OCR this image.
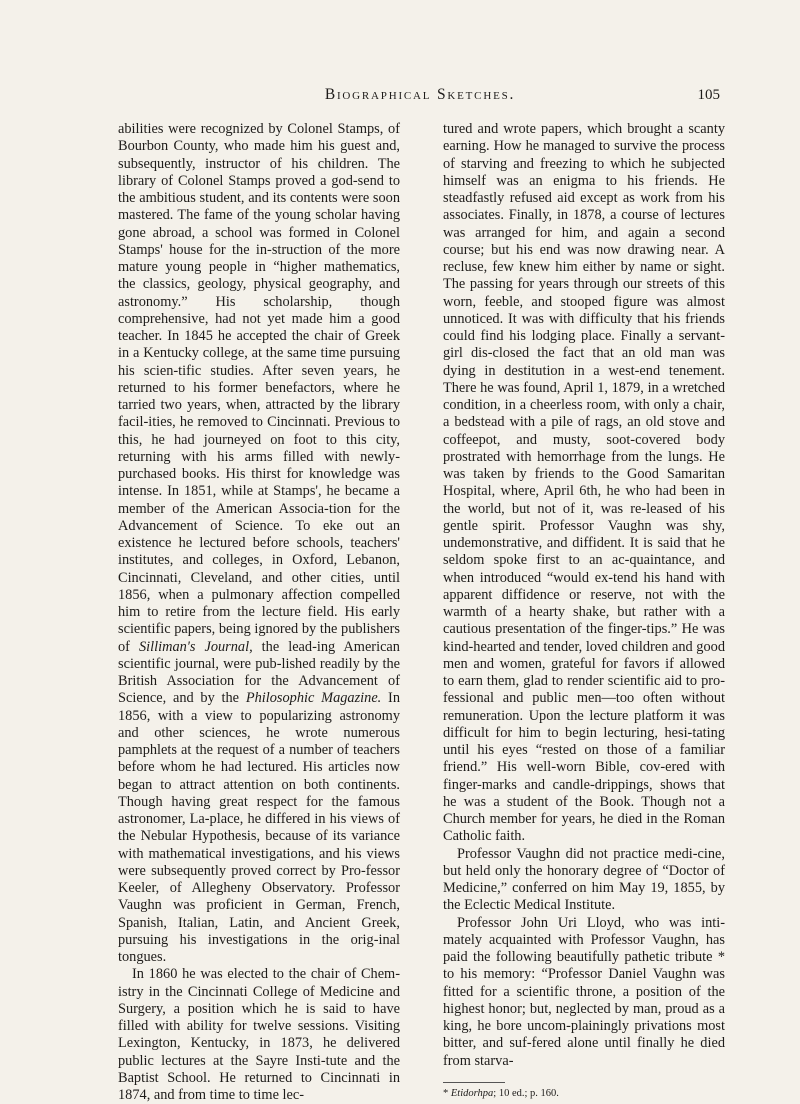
Biographical Sketches.	105

abilities were recognized by Colonel Stamps, of Bourbon County, who made him his guest and, subsequently, instructor of his children. The library of Colonel Stamps proved a god-send to the ambitious student, and its contents were soon mastered. The fame of the young scholar having gone abroad, a school was formed in Colonel Stamps' house for the in-struction of the more mature young people in “higher mathematics, the classics, geology, physical geography, and astronomy.” His scholarship, though comprehensive, had not yet made him a good teacher. In 1845 he accepted the chair of Greek in a Kentucky college, at the same time pursuing his scien-tific studies. After seven years, he returned to his former benefactors, where he tarried two years, when, attracted by the library facil-ities, he removed to Cincinnati. Previous to this, he had journeyed on foot to this city, returning with his arms filled with newly-purchased books. His thirst for knowledge was intense. In 1851, while at Stamps', he became a member of the American Associa-tion for the Advancement of Science. To eke out an existence he lectured before schools, teachers' institutes, and colleges, in Oxford, Lebanon, Cincinnati, Cleveland, and other cities, until 1856, when a pulmonary affection compelled him to retire from the lecture field. His early scientific papers, being ignored by the publishers of Silliman's Journal, the lead-ing American scientific journal, were pub-lished readily by the British Association for the Advancement of Science, and by the Philosophic Magazine. In 1856, with a view to popularizing astronomy and other sciences, he wrote numerous pamphlets at the request of a number of teachers before whom he had lectured. His articles now began to attract attention on both continents. Though having great respect for the famous astronomer, La-place, he differed in his views of the Nebular Hypothesis, because of its variance with mathematical investigations, and his views were subsequently proved correct by Pro-fessor Keeler, of Allegheny Observatory. Professor Vaughn was proficient in German, French, Spanish, Italian, Latin, and Ancient Greek, pursuing his investigations in the orig-inal tongues.

In 1860 he was elected to the chair of Chem-istry in the Cincinnati College of Medicine and Surgery, a position which he is said to have filled with ability for twelve sessions. Visiting Lexington, Kentucky, in 1873, he delivered public lectures at the Sayre Insti-tute and the Baptist School. He returned to Cincinnati in 1874, and from time to time lec-

tured and wrote papers, which brought a scanty earning. How he managed to survive the process of starving and freezing to which he subjected himself was an enigma to his friends. He steadfastly refused aid except as work from his associates. Finally, in 1878, a course of lectures was arranged for him, and again a second course; but his end was now drawing near. A recluse, few knew him either by name or sight. The passing for years through our streets of this worn, feeble, and stooped figure was almost unnoticed. It was with difficulty that his friends could find his lodging place. Finally a servant-girl dis-closed the fact that an old man was dying in destitution in a west-end tenement. There he was found, April 1, 1879, in a wretched condition, in a cheerless room, with only a chair, a bedstead with a pile of rags, an old stove and coffeepot, and musty, soot-covered body prostrated with hemorrhage from the lungs. He was taken by friends to the Good Samaritan Hospital, where, April 6th, he who had been in the world, but not of it, was re-leased of his gentle spirit. Professor Vaughn was shy, undemonstrative, and diffident. It is said that he seldom spoke first to an ac-quaintance, and when introduced “would ex-tend his hand with apparent diffidence or reserve, not with the warmth of a hearty shake, but rather with a cautious presentation of the finger-tips.” He was kind-hearted and tender, loved children and good men and women, grateful for favors if allowed to earn them, glad to render scientific aid to pro-fessional and public men—too often without remuneration. Upon the lecture platform it was difficult for him to begin lecturing, hesi-tating until his eyes “rested on those of a familiar friend.” His well-worn Bible, cov-ered with finger-marks and candle-drippings, shows that he was a student of the Book. Though not a Church member for years, he died in the Roman Catholic faith.

Professor Vaughn did not practice medi-cine, but held only the honorary degree of “Doctor of Medicine,” conferred on him May 19, 1855, by the Eclectic Medical Institute.

Professor John Uri Lloyd, who was inti-mately acquainted with Professor Vaughn, has paid the following beautifully pathetic tribute * to his memory: “Professor Daniel Vaughn was fitted for a scientific throne, a position of the highest honor; but, neglected by man, proud as a king, he bore uncom-plainingly privations most bitter, and suf-fered alone until finally he died from starva-

* Etidorhpa; 10 ed.; p. 160.
